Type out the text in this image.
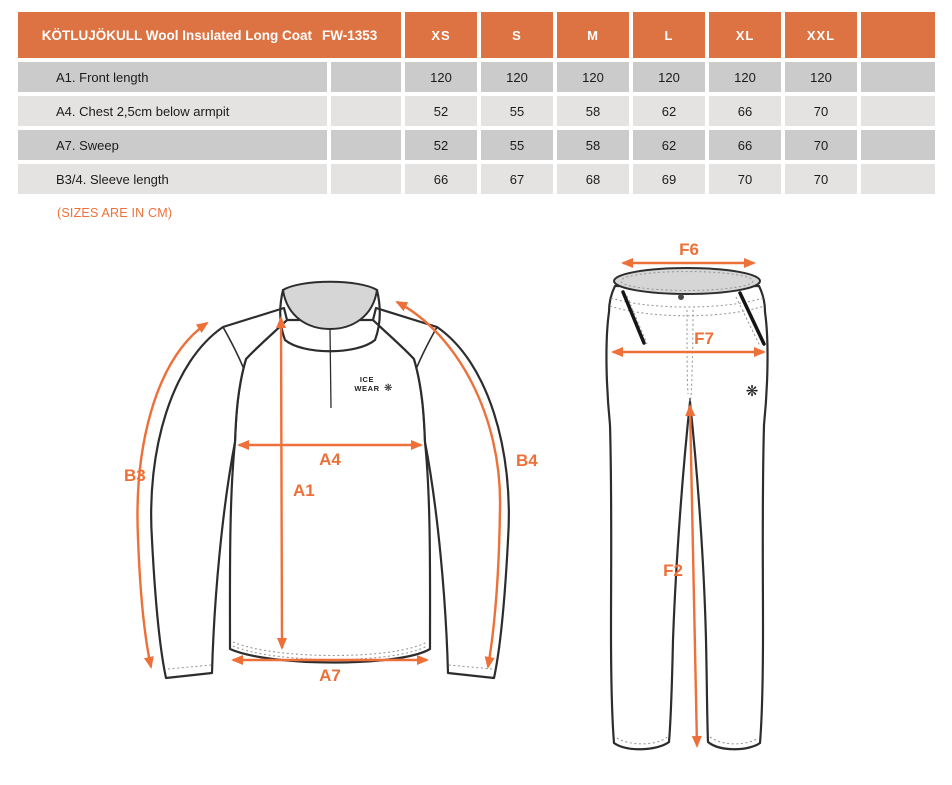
KÖTLUJÖKULL Wool Insulated Long Coat FW-1353		XS	S	M	L	XL	XXL	
A1. Front length		120	120	120	120	120	120	
A4. Chest 2,5cm below armpit		52	55	58	62	66	70	
A7. Sweep		52	55	58	62	66	70	
B3/4. Sleeve length		66	67	68	69	70	70	
(SIZES ARE IN CM)
ICE
WEAR ❋
B3
A1
A4	B4
A7
❋
F6
F7
F2
